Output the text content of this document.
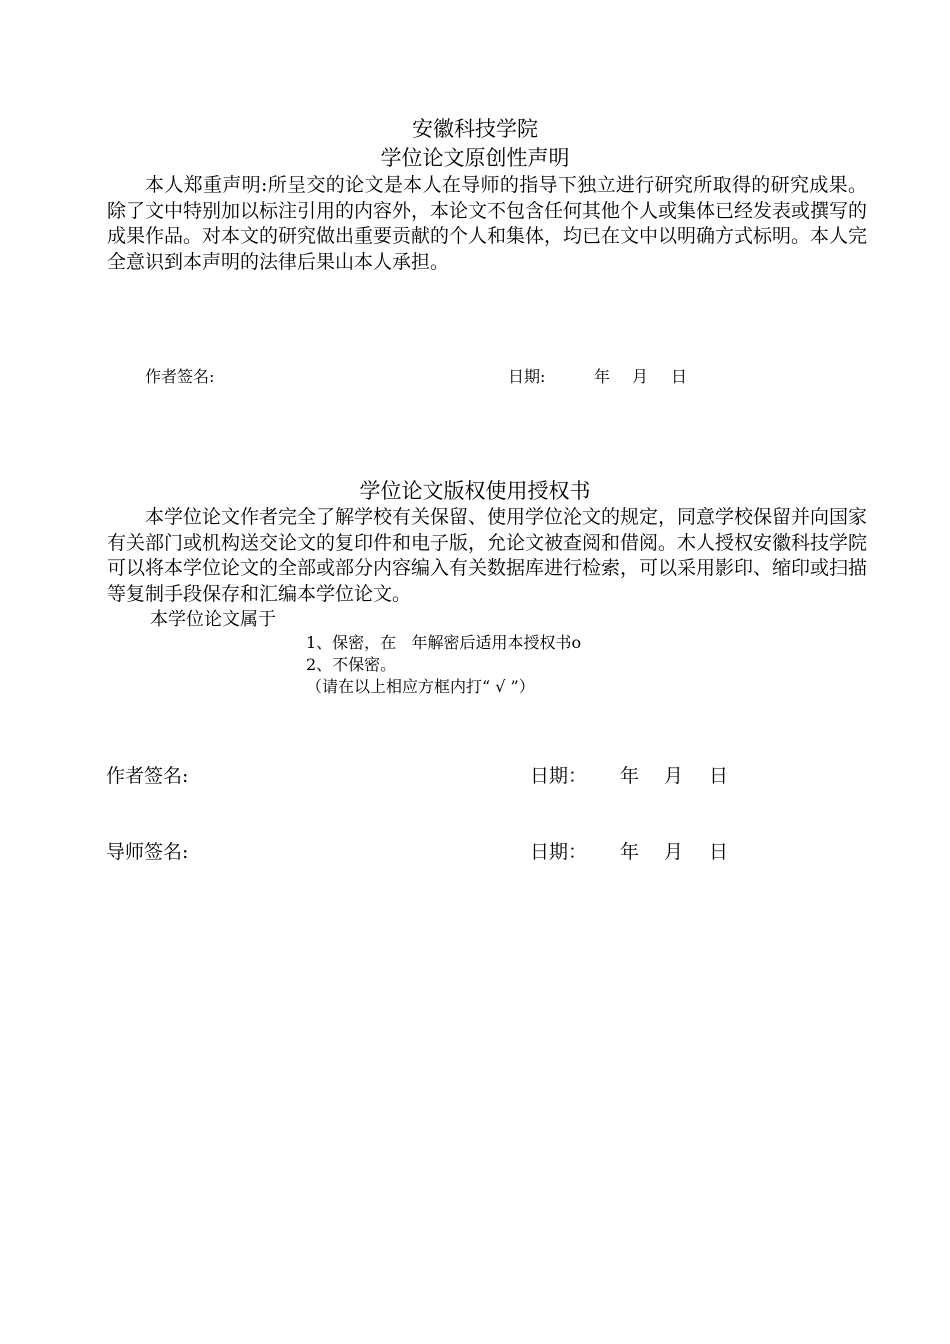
安徽科技学院
学位论文原创性声明
本人郑重声明:所呈交的论文是本人在导师的指导下独立进行研究所取得的研究成果。除了文中特别加以标注引用的内容外，本论文不包含任何其他个人或集体已经发表或撰写的成果作品。对本文的研究做出重要贡献的个人和集体，均已在文中以明确方式标明。本人完全意识到本声明的法律后果山本人承担。
作者签名:	日期:	年 月 日
学位论文版权使用授权书
本学位论文作者完全了解学校有关保留、使用学位沦文的规定，同意学校保留并向国家有关部门或机构送交论文的复印件和电子版，允论文被查阅和借阅。木人授权安徽科技学院可以将本学位论文的全部或部分内容编入有关数据库进行检索，可以采用影印、缩印或扫描等复制手段保存和汇编本学位论文。
本学位论文属于
1、保密，在   年解密后适用本授权书o
2、不保密。
（请在以上相应方框内打“ √ ”）
作者签名:	日期： 年 月 日
导师签名:	日期： 年 月 日
